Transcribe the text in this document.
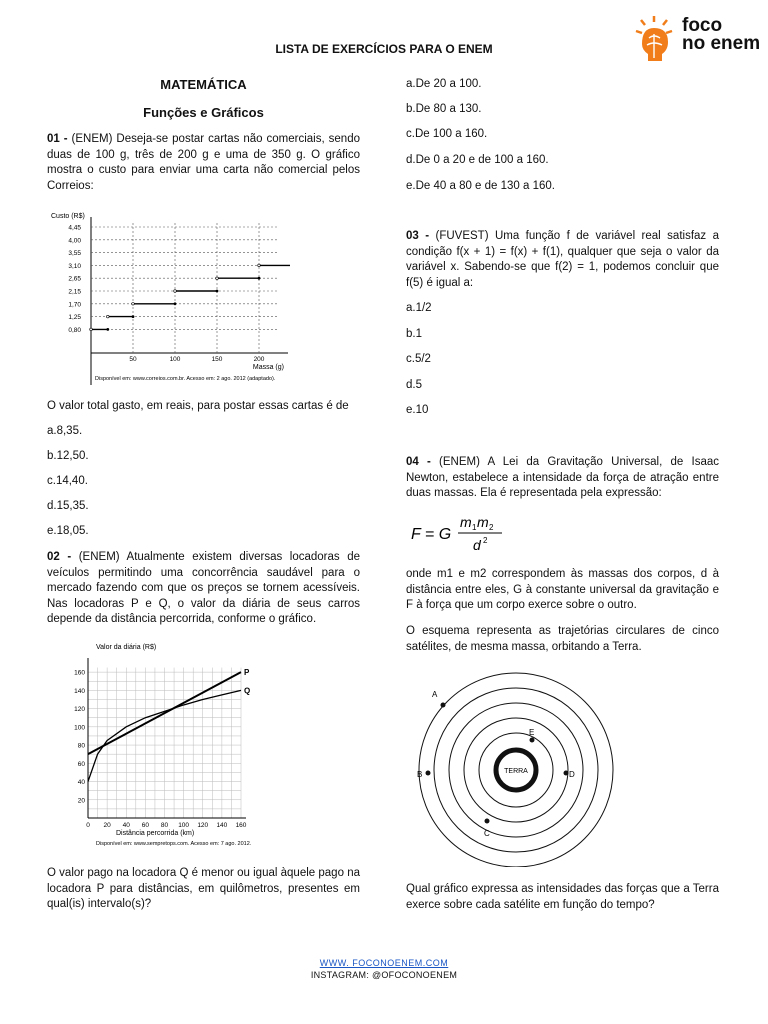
LISTA DE EXERCÍCIOS PARA O ENEM
foco
no enem
MATEMÁTICA
Funções e Gráficos

01 - (ENEM) Deseja-se postar cartas não comerciais, sendo duas de 100 g, três de 200 g e uma de 350 g. O gráfico mostra o custo para enviar uma carta não comercial pelos Correios:

Custo (R$)
0,80
1,25
1,70
2,15
2,65
3,10
3,55
4,00
4,45
50	100	150	200
Massa (g)
Disponível em: www.correios.com.br. Acesso em: 2 ago. 2012 (adaptado).
O valor total gasto, em reais, para postar essas cartas é de
a.8,35.
b.12,50.
c.14,40.
d.15,35.
e.18,05.

02 - (ENEM) Atualmente existem diversas locadoras de veículos permitindo uma concorrência saudável para o mercado fazendo com que os preços se tornem acessíveis. Nas locadoras P e Q, o valor da diária de seus carros depende da distância percorrida, conforme o gráfico.

Valor da diária (R$)
20
40
60
80
100
120
140
160
0 20 40 60 80 100 120 140 160
P
Q
Distância percorrida (km)
Disponível em: www.sempretops.com. Acesso em: 7 ago. 2012.
O valor pago na locadora Q é menor ou igual àquele pago na locadora P para distâncias, em quilômetros, presentes em qual(is) intervalo(s)?
a.De 20 a 100.
b.De 80 a 130.
c.De 100 a 160.
d.De 0 a 20 e de 100 a 160.
e.De 40 a 80 e de 130 a 160.

03 - (FUVEST) Uma função f de variável real satisfaz a condição f(x + 1) = f(x) + f(1), qualquer que seja o valor da variável x. Sabendo-se que f(2) = 1, podemos concluir que f(5) é igual a:

a.1/2
b.1
c.5/2
d.5
e.10

04 - (ENEM) A Lei da Gravitação Universal, de Isaac Newton, estabelece a intensidade da força de atração entre duas massas. Ela é representada pela expressão:

F = G
m 1 m 2
d 2
onde m1 e m2 correspondem às massas dos corpos, d à distância entre eles, G à constante universal da gravitação e F à força que um corpo exerce sobre o outro.
O esquema representa as trajetórias circulares de cinco satélites, de mesma massa, orbitando a Terra.
TERRA
A
B
C
D
E
Qual gráfico expressa as intensidades das forças que a Terra exerce sobre cada satélite em função do tempo?
WWW. FOCONOENEM.COM
INSTAGRAM: @OFOCONOENEM
